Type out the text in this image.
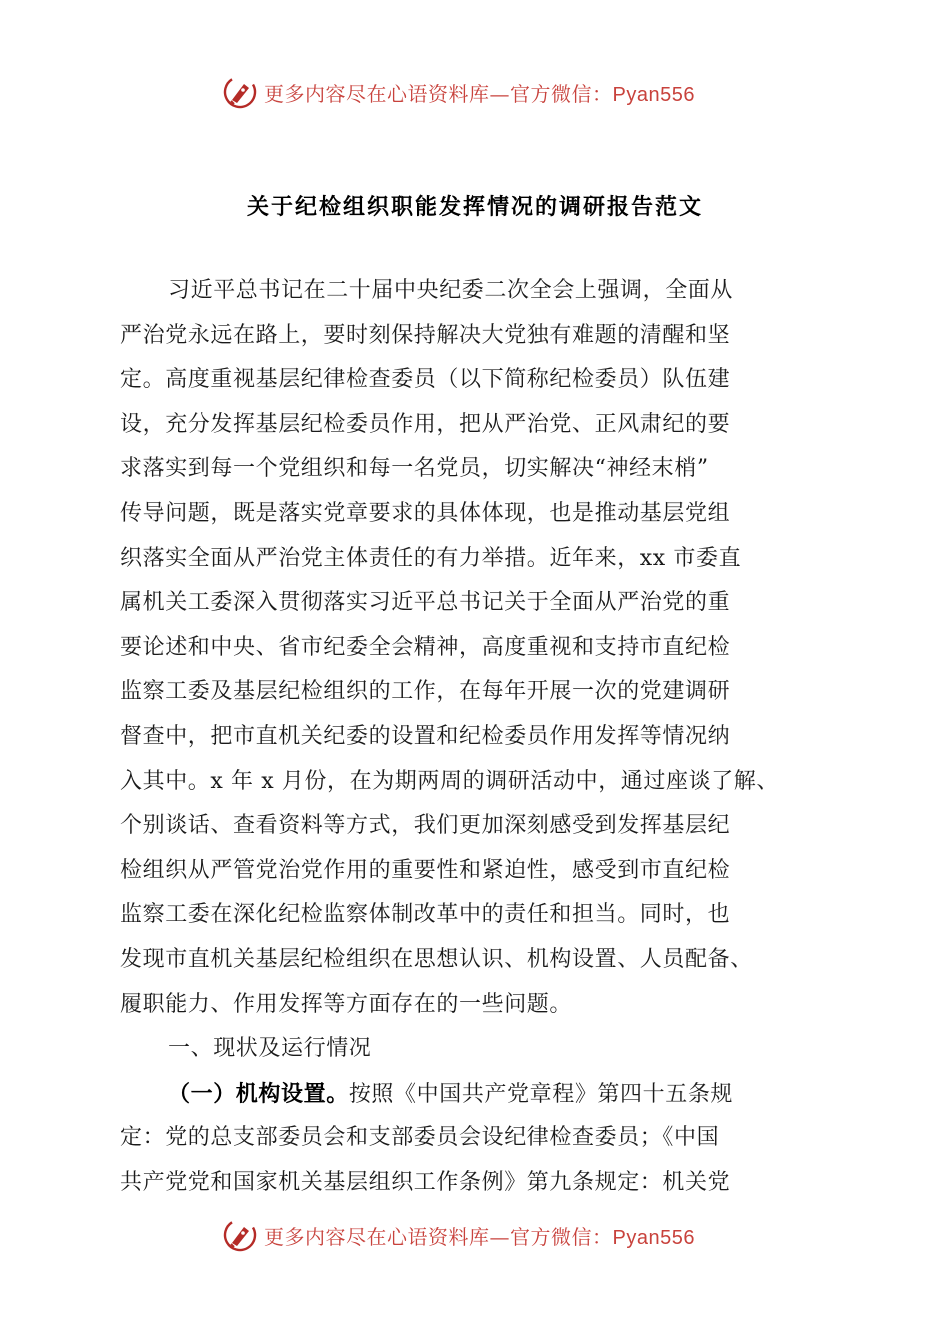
更多内容尽在心语资料库—官方微信：Pyan556
关于纪检组织职能发挥情况的调研报告范文
习近平总书记在二十届中央纪委二次全会上强调，全面从
严治党永远在路上，要时刻保持解决大党独有难题的清醒和坚
定。高度重视基层纪律检查委员（以下简称纪检委员）队伍建
设，充分发挥基层纪检委员作用，把从严治党、正风肃纪的要
求落实到每一个党组织和每一名党员，切实解决“神经末梢”
传导问题，既是落实党章要求的具体体现，也是推动基层党组
织落实全面从严治党主体责任的有力举措。近年来，xx 市委直
属机关工委深入贯彻落实习近平总书记关于全面从严治党的重
要论述和中央、省市纪委全会精神，高度重视和支持市直纪检
监察工委及基层纪检组织的工作，在每年开展一次的党建调研
督查中，把市直机关纪委的设置和纪检委员作用发挥等情况纳
入其中。x 年 x 月份，在为期两周的调研活动中，通过座谈了解、
个别谈话、查看资料等方式，我们更加深刻感受到发挥基层纪
检组织从严管党治党作用的重要性和紧迫性，感受到市直纪检
监察工委在深化纪检监察体制改革中的责任和担当。同时，也
发现市直机关基层纪检组织在思想认识、机构设置、人员配备、
履职能力、作用发挥等方面存在的一些问题。
一、现状及运行情况
（一）机构设置。按照《中国共产党章程》第四十五条规
定：党的总支部委员会和支部委员会设纪律检查委员；《中国
共产党党和国家机关基层组织工作条例》第九条规定：机关党
更多内容尽在心语资料库—官方微信：Pyan556
